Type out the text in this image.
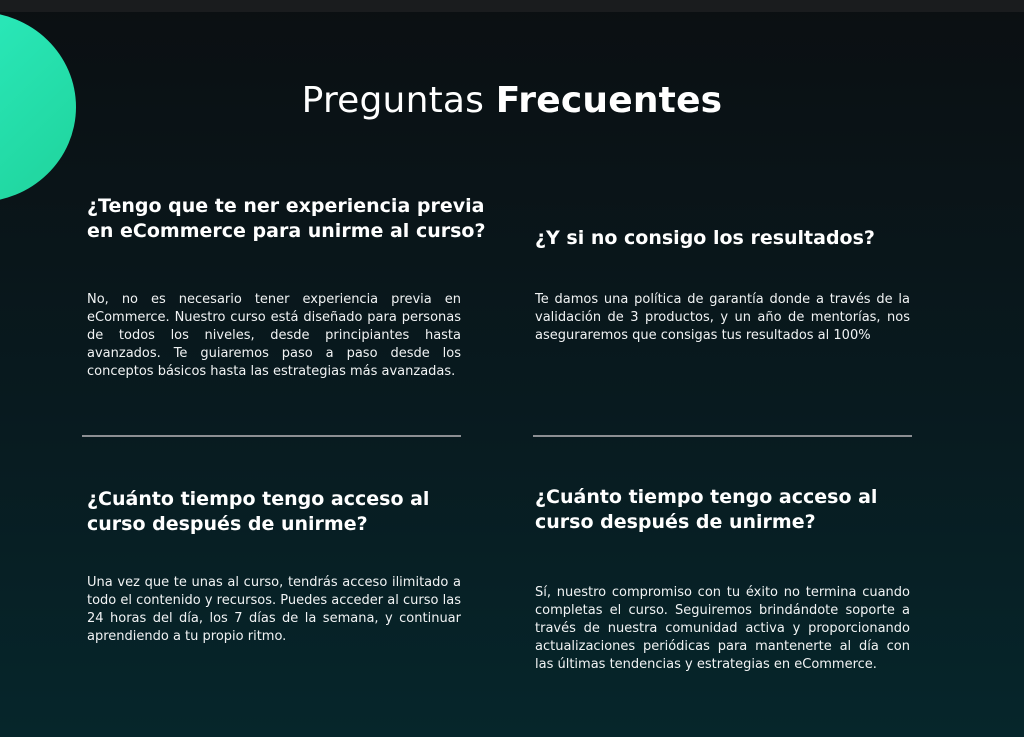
Preguntas Frecuentes
¿Tengo que te ner experiencia previa en eCommerce para unirme al curso?

No, no es necesario tener experiencia previa en eCommerce. Nuestro curso está diseñado para personas de todos los niveles, desde principiantes hasta avanzados. Te guiaremos paso a paso desde los conceptos básicos hasta las estrategias más avanzadas.

¿Y si no consigo los resultados?

Te damos una política de garantía donde a través de la validación de 3 productos, y un año de mentorías, nos aseguraremos que consigas tus resultados al 100%

¿Cuánto tiempo tengo acceso al curso después de unirme?

Una vez que te unas al curso, tendrás acceso ilimitado a todo el contenido y recursos. Puedes acceder al curso las 24 horas del día, los 7 días de la semana, y continuar aprendiendo a tu propio ritmo.

¿Cuánto tiempo tengo acceso al curso después de unirme?

Sí, nuestro compromiso con tu éxito no termina cuando completas el curso. Seguiremos brindándote soporte a través de nuestra comunidad activa y proporcionando actualizaciones periódicas para mantenerte al día con las últimas tendencias y estrategias en eCommerce.
